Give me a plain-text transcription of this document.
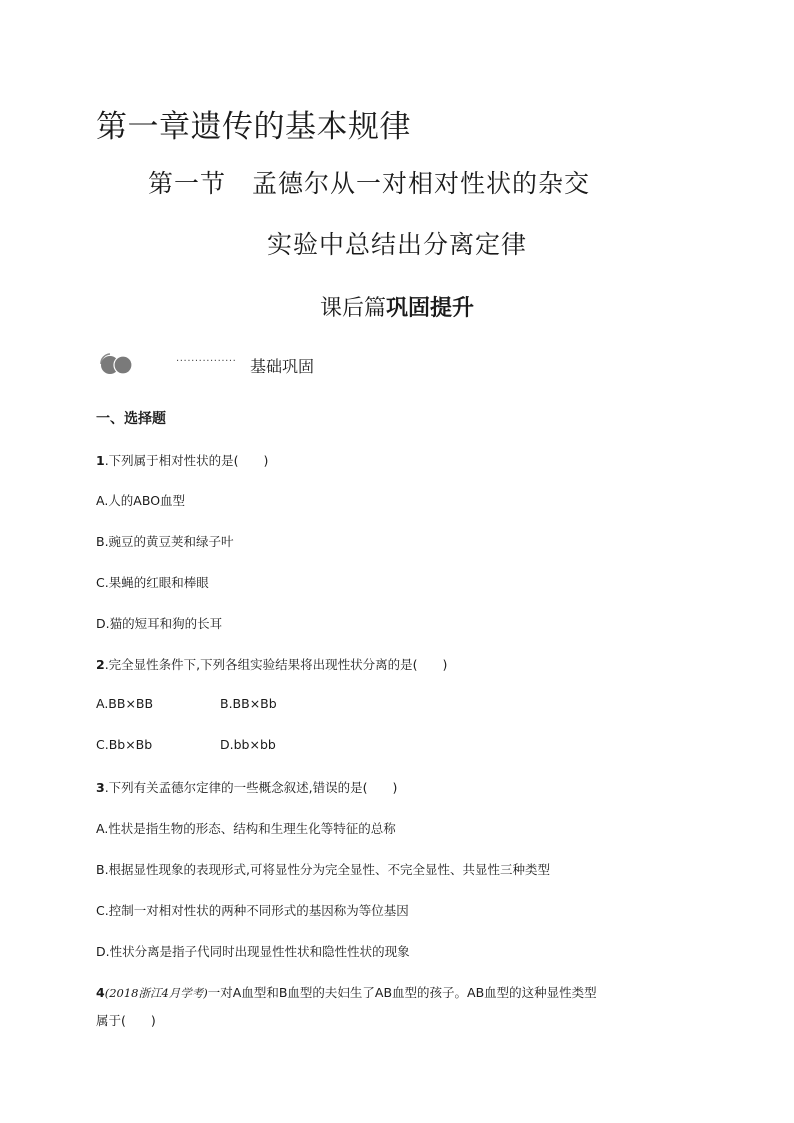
第一章遗传的基本规律
第一节　孟德尔从一对相对性状的杂交
实验中总结出分离定律
课后篇巩固提升
················ 基础巩固
一、选择题
1.下列属于相对性状的是(　　)
A.人的ABO血型
B.豌豆的黄豆荚和绿子叶
C.果蝇的红眼和棒眼
D.猫的短耳和狗的长耳
2.完全显性条件下,下列各组实验结果将出现性状分离的是(　　)
A.BB×BB	B.BB×Bb
C.Bb×Bb	D.bb×bb
3.下列有关孟德尔定律的一些概念叙述,错误的是(　　)
A.性状是指生物的形态、结构和生理生化等特征的总称
B.根据显性现象的表现形式,可将显性分为完全显性、不完全显性、共显性三种类型
C.控制一对相对性状的两种不同形式的基因称为等位基因
D.性状分离是指子代同时出现显性性状和隐性性状的现象
4(2018浙江4月学考)一对A血型和B血型的夫妇生了AB血型的孩子。AB血型的这种显性类型
属于(　　)
